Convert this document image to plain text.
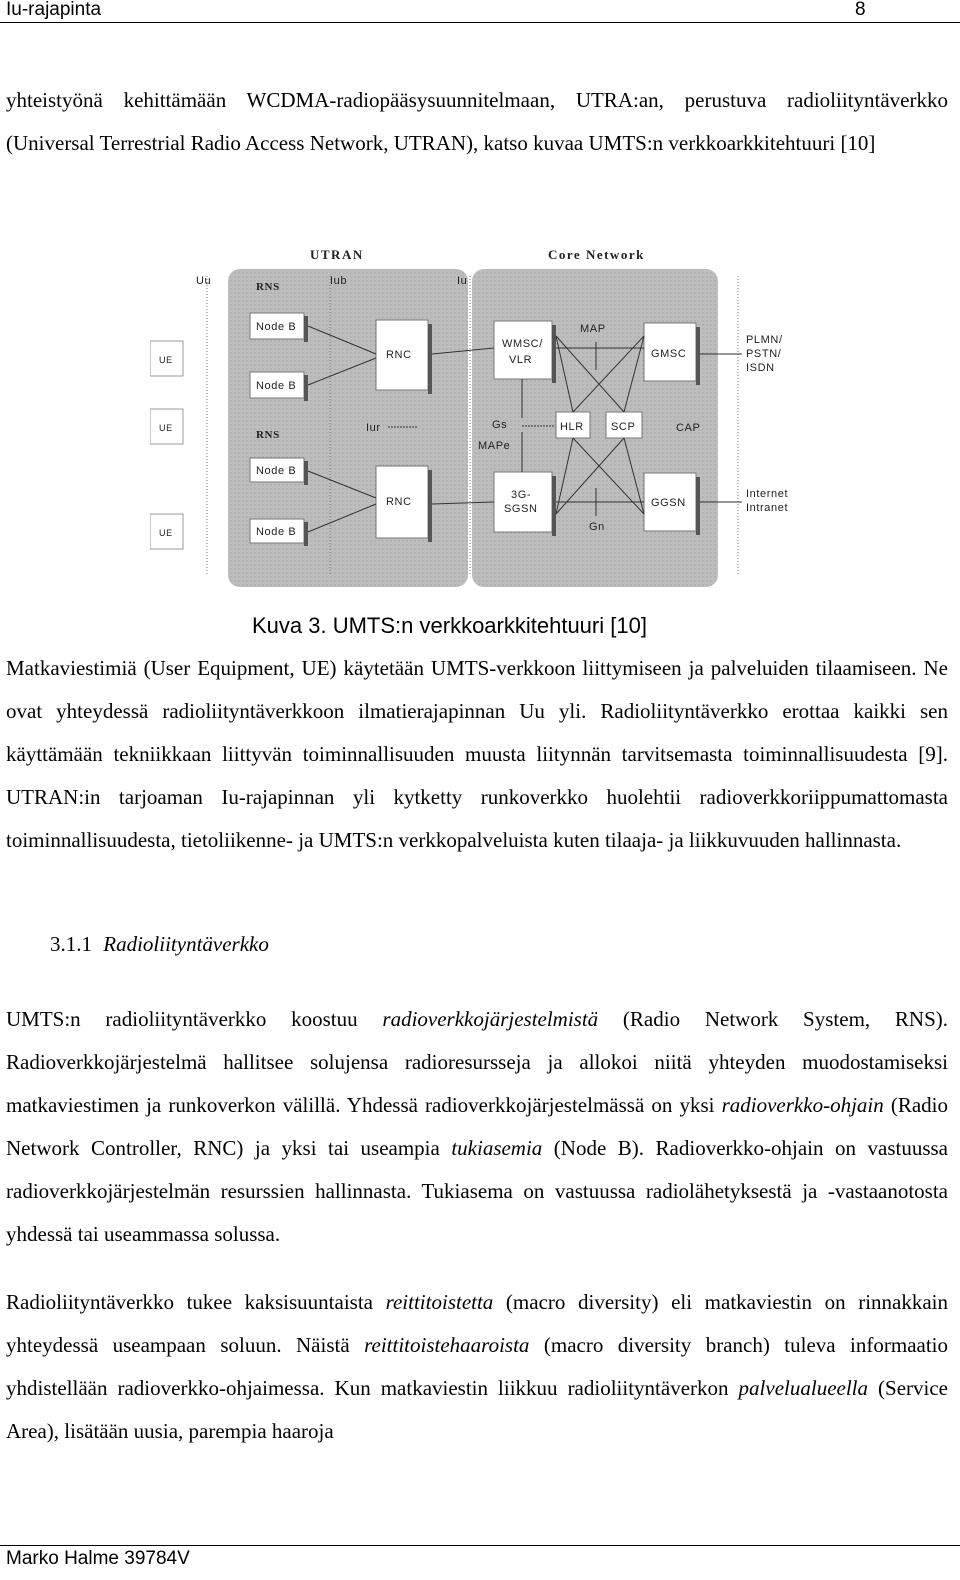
Iu-rajapinta	8

yhteistyönä kehittämään WCDMA-radiopääsysuunnitelmaan, UTRA:an, perustuva radioliityntäverkko (Universal Terrestrial Radio Access Network, UTRAN), katso kuvaa UMTS:n verkkoarkkitehtuuri [10]

UTRAN	Core Network
Uu	Iub	Iu
RNS
UE
UE
UE
Node B
Node B
RNC
RNS
Iur
Node B
Node B
RNC
WMSC/
VLR
MAP
GMSC
PLMN/
PSTN/
ISDN
HLR SCP	CAP
Gs
MAPe
3G-
SGSN	GGSN
Gn
Internet
Intranet
Kuva 3. UMTS:n verkkoarkkitehtuuri [10]

Matkaviestimiä (User Equipment, UE) käytetään UMTS-verkkoon liittymiseen ja palveluiden tilaamiseen. Ne ovat yhteydessä radioliityntäverkkoon ilmatierajapinnan Uu yli. Radioliityntäverkko erottaa kaikki sen käyttämään tekniikkaan liittyvän toiminnallisuuden muusta liitynnän tarvitsemasta toiminnallisuudesta [9]. UTRAN:in tarjoaman Iu-rajapinnan yli kytketty runkoverkko huolehtii radioverkkoriippumattomasta toiminnallisuudesta, tietoliikenne- ja UMTS:n verkkopalveluista kuten tilaaja- ja liikkuvuuden hallinnasta.

3.1.1 Radioliityntäverkko

UMTS:n radioliityntäverkko koostuu radioverkkojärjestelmistä (Radio Network System, RNS). Radioverkkojärjestelmä hallitsee solujensa radioresursseja ja allokoi niitä yhteyden muodostamiseksi matkaviestimen ja runkoverkon välillä. Yhdessä radioverkkojärjestelmässä on yksi radioverkko-ohjain (Radio Network Controller, RNC) ja yksi tai useampia tukiasemia (Node B). Radioverkko-ohjain on vastuussa radioverkkojärjestelmän resurssien hallinnasta. Tukiasema on vastuussa radiolähetyksestä ja -vastaanotosta yhdessä tai useammassa solussa.

Radioliityntäverkko tukee kaksisuuntaista reittitoistetta (macro diversity) eli matkaviestin on rinnakkain yhteydessä useampaan soluun. Näistä reittitoistehaaroista (macro diversity branch) tuleva informaatio yhdistellään radioverkko-ohjaimessa. Kun matkaviestin liikkuu radioliityntäverkon palvelualueella (Service Area), lisätään uusia, parempia haaroja

Marko Halme 39784V
